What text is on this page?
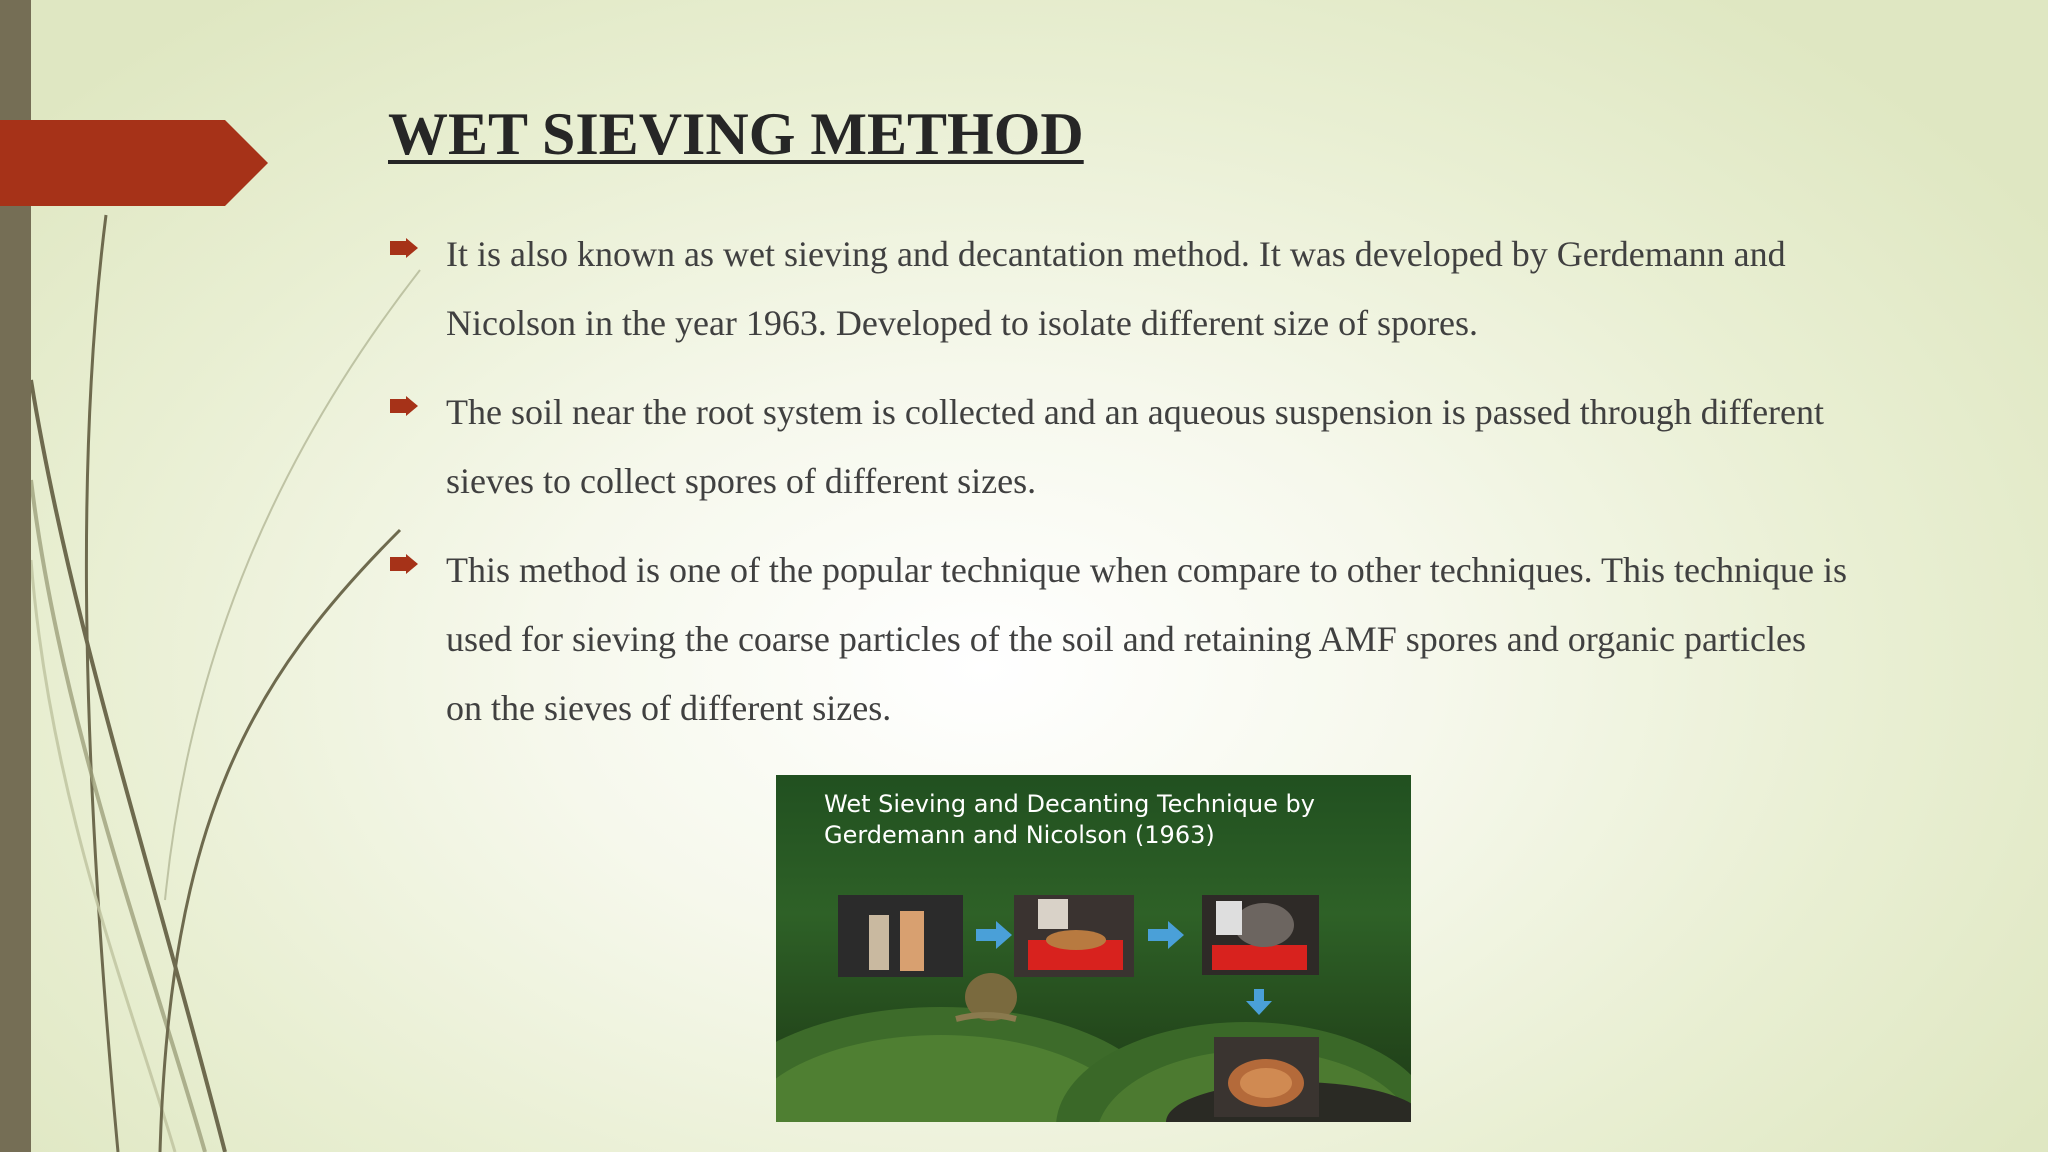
WET SIEVING METHOD
It is also known as wet sieving and decantation method. It was developed by Gerdemann and Nicolson in the year 1963. Developed to isolate different size of spores.
The soil near the root system is collected and an aqueous suspension is passed through different sieves to collect spores of different sizes.
This method is one of the popular technique when compare to other techniques. This technique is used for sieving the coarse particles of the soil and retaining AMF spores and organic particles on the sieves of different sizes.

Wet Sieving and Decanting Technique by
Gerdemann and Nicolson (1963)
